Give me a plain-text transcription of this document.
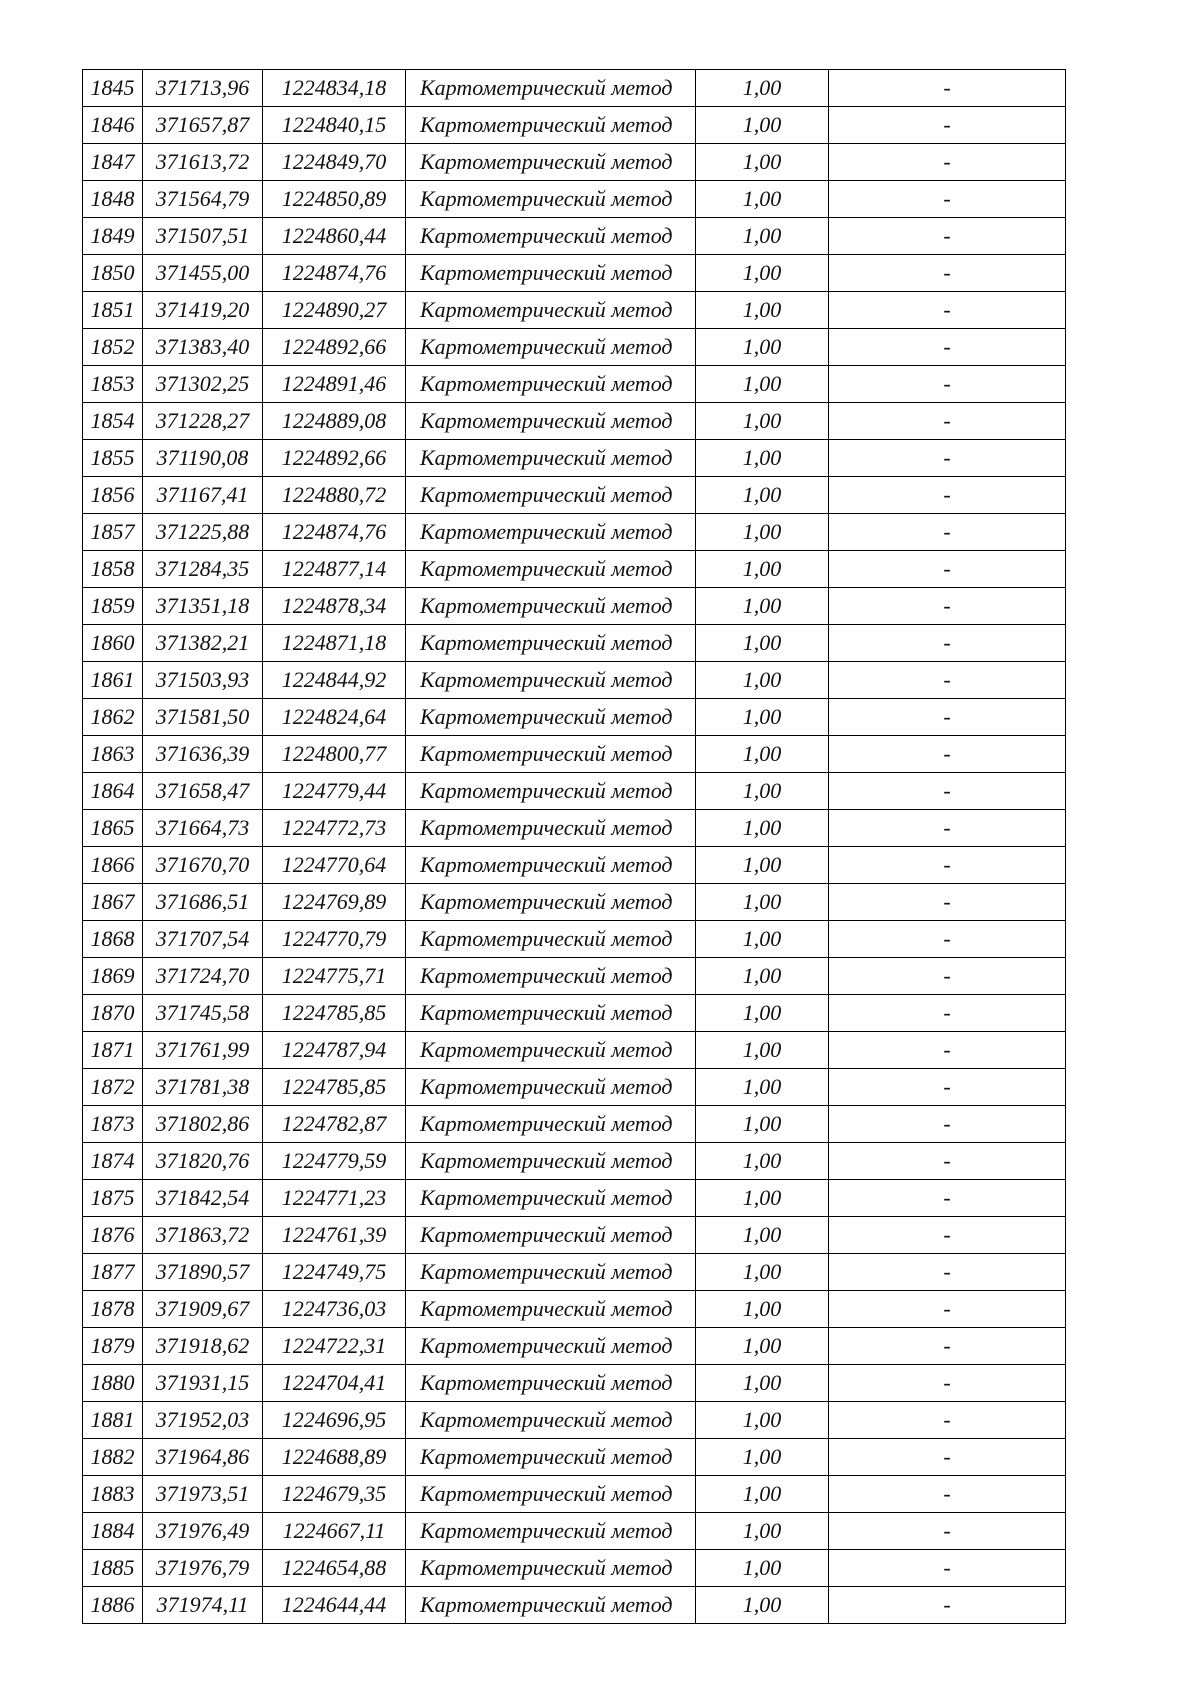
1845	371713,96	1224834,18	Картометрический метод	1,00	-
1846	371657,87	1224840,15	Картометрический метод	1,00	-
1847	371613,72	1224849,70	Картометрический метод	1,00	-
1848	371564,79	1224850,89	Картометрический метод	1,00	-
1849	371507,51	1224860,44	Картометрический метод	1,00	-
1850	371455,00	1224874,76	Картометрический метод	1,00	-
1851	371419,20	1224890,27	Картометрический метод	1,00	-
1852	371383,40	1224892,66	Картометрический метод	1,00	-
1853	371302,25	1224891,46	Картометрический метод	1,00	-
1854	371228,27	1224889,08	Картометрический метод	1,00	-
1855	371190,08	1224892,66	Картометрический метод	1,00	-
1856	371167,41	1224880,72	Картометрический метод	1,00	-
1857	371225,88	1224874,76	Картометрический метод	1,00	-
1858	371284,35	1224877,14	Картометрический метод	1,00	-
1859	371351,18	1224878,34	Картометрический метод	1,00	-
1860	371382,21	1224871,18	Картометрический метод	1,00	-
1861	371503,93	1224844,92	Картометрический метод	1,00	-
1862	371581,50	1224824,64	Картометрический метод	1,00	-
1863	371636,39	1224800,77	Картометрический метод	1,00	-
1864	371658,47	1224779,44	Картометрический метод	1,00	-
1865	371664,73	1224772,73	Картометрический метод	1,00	-
1866	371670,70	1224770,64	Картометрический метод	1,00	-
1867	371686,51	1224769,89	Картометрический метод	1,00	-
1868	371707,54	1224770,79	Картометрический метод	1,00	-
1869	371724,70	1224775,71	Картометрический метод	1,00	-
1870	371745,58	1224785,85	Картометрический метод	1,00	-
1871	371761,99	1224787,94	Картометрический метод	1,00	-
1872	371781,38	1224785,85	Картометрический метод	1,00	-
1873	371802,86	1224782,87	Картометрический метод	1,00	-
1874	371820,76	1224779,59	Картометрический метод	1,00	-
1875	371842,54	1224771,23	Картометрический метод	1,00	-
1876	371863,72	1224761,39	Картометрический метод	1,00	-
1877	371890,57	1224749,75	Картометрический метод	1,00	-
1878	371909,67	1224736,03	Картометрический метод	1,00	-
1879	371918,62	1224722,31	Картометрический метод	1,00	-
1880	371931,15	1224704,41	Картометрический метод	1,00	-
1881	371952,03	1224696,95	Картометрический метод	1,00	-
1882	371964,86	1224688,89	Картометрический метод	1,00	-
1883	371973,51	1224679,35	Картометрический метод	1,00	-
1884	371976,49	1224667,11	Картометрический метод	1,00	-
1885	371976,79	1224654,88	Картометрический метод	1,00	-
1886	371974,11	1224644,44	Картометрический метод	1,00	-
